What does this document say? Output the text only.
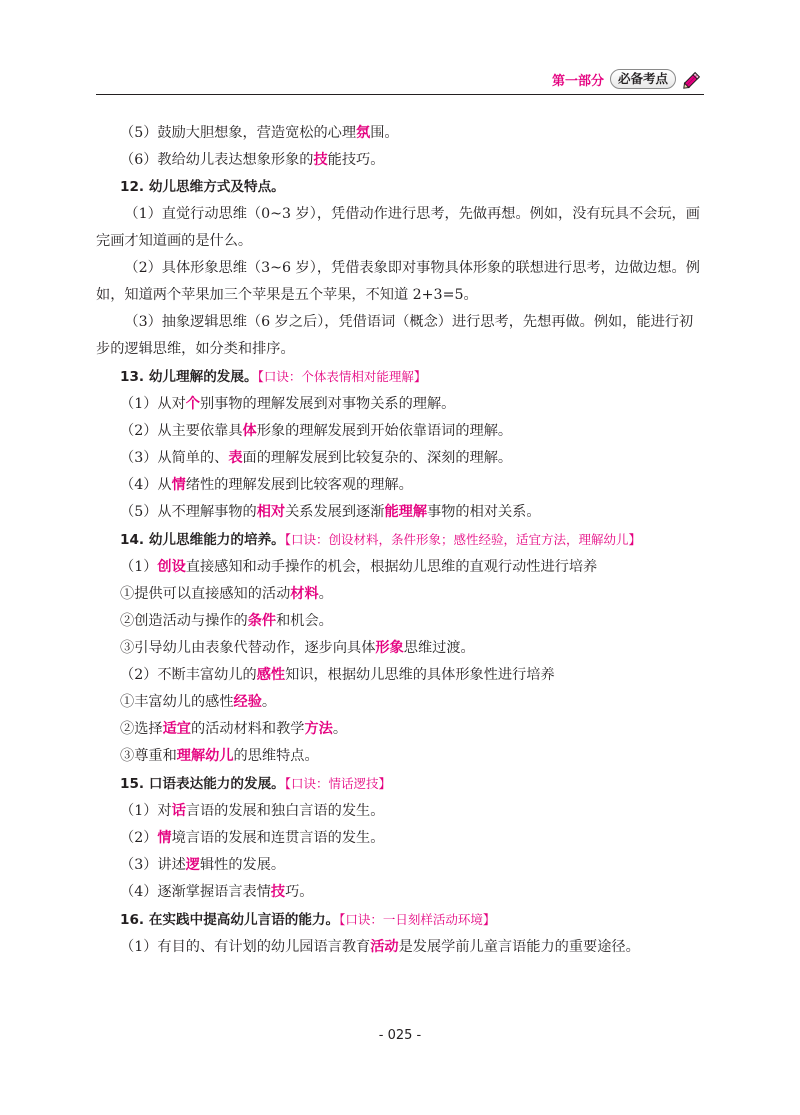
第一部分	必备考点
（5）鼓励大胆想象，营造宽松的心理氛围。
（6）教给幼儿表达想象形象的技能技巧。
12. 幼儿思维方式及特点。
（1）直觉行动思维（0~3 岁），凭借动作进行思考，先做再想。例如，没有玩具不会玩，画完画才知道画的是什么。
（2）具体形象思维（3~6 岁），凭借表象即对事物具体形象的联想进行思考，边做边想。例如，知道两个苹果加三个苹果是五个苹果，不知道 2+3=5。
（3）抽象逻辑思维（6 岁之后），凭借语词（概念）进行思考，先想再做。例如，能进行初步的逻辑思维，如分类和排序。
13. 幼儿理解的发展。【口诀：个体表情相对能理解】
（1）从对个别事物的理解发展到对事物关系的理解。
（2）从主要依靠具体形象的理解发展到开始依靠语词的理解。
（3）从简单的、表面的理解发展到比较复杂的、深刻的理解。
（4）从情绪性的理解发展到比较客观的理解。
（5）从不理解事物的相对关系发展到逐渐能理解事物的相对关系。
14. 幼儿思维能力的培养。【口诀：创设材料，条件形象；感性经验，适宜方法，理解幼儿】
（1）创设直接感知和动手操作的机会，根据幼儿思维的直观行动性进行培养
①提供可以直接感知的活动材料。
②创造活动与操作的条件和机会。
③引导幼儿由表象代替动作，逐步向具体形象思维过渡。
（2）不断丰富幼儿的感性知识，根据幼儿思维的具体形象性进行培养
①丰富幼儿的感性经验。
②选择适宜的活动材料和教学方法。
③尊重和理解幼儿的思维特点。
15. 口语表达能力的发展。【口诀：情话逻技】
（1）对话言语的发展和独白言语的发生。
（2）情境言语的发展和连贯言语的发生。
（3）讲述逻辑性的发展。
（4）逐渐掌握语言表情技巧。
16. 在实践中提高幼儿言语的能力。【口诀：一日刻样活动环境】
（1）有目的、有计划的幼儿园语言教育活动是发展学前儿童言语能力的重要途径。
- 025 -
